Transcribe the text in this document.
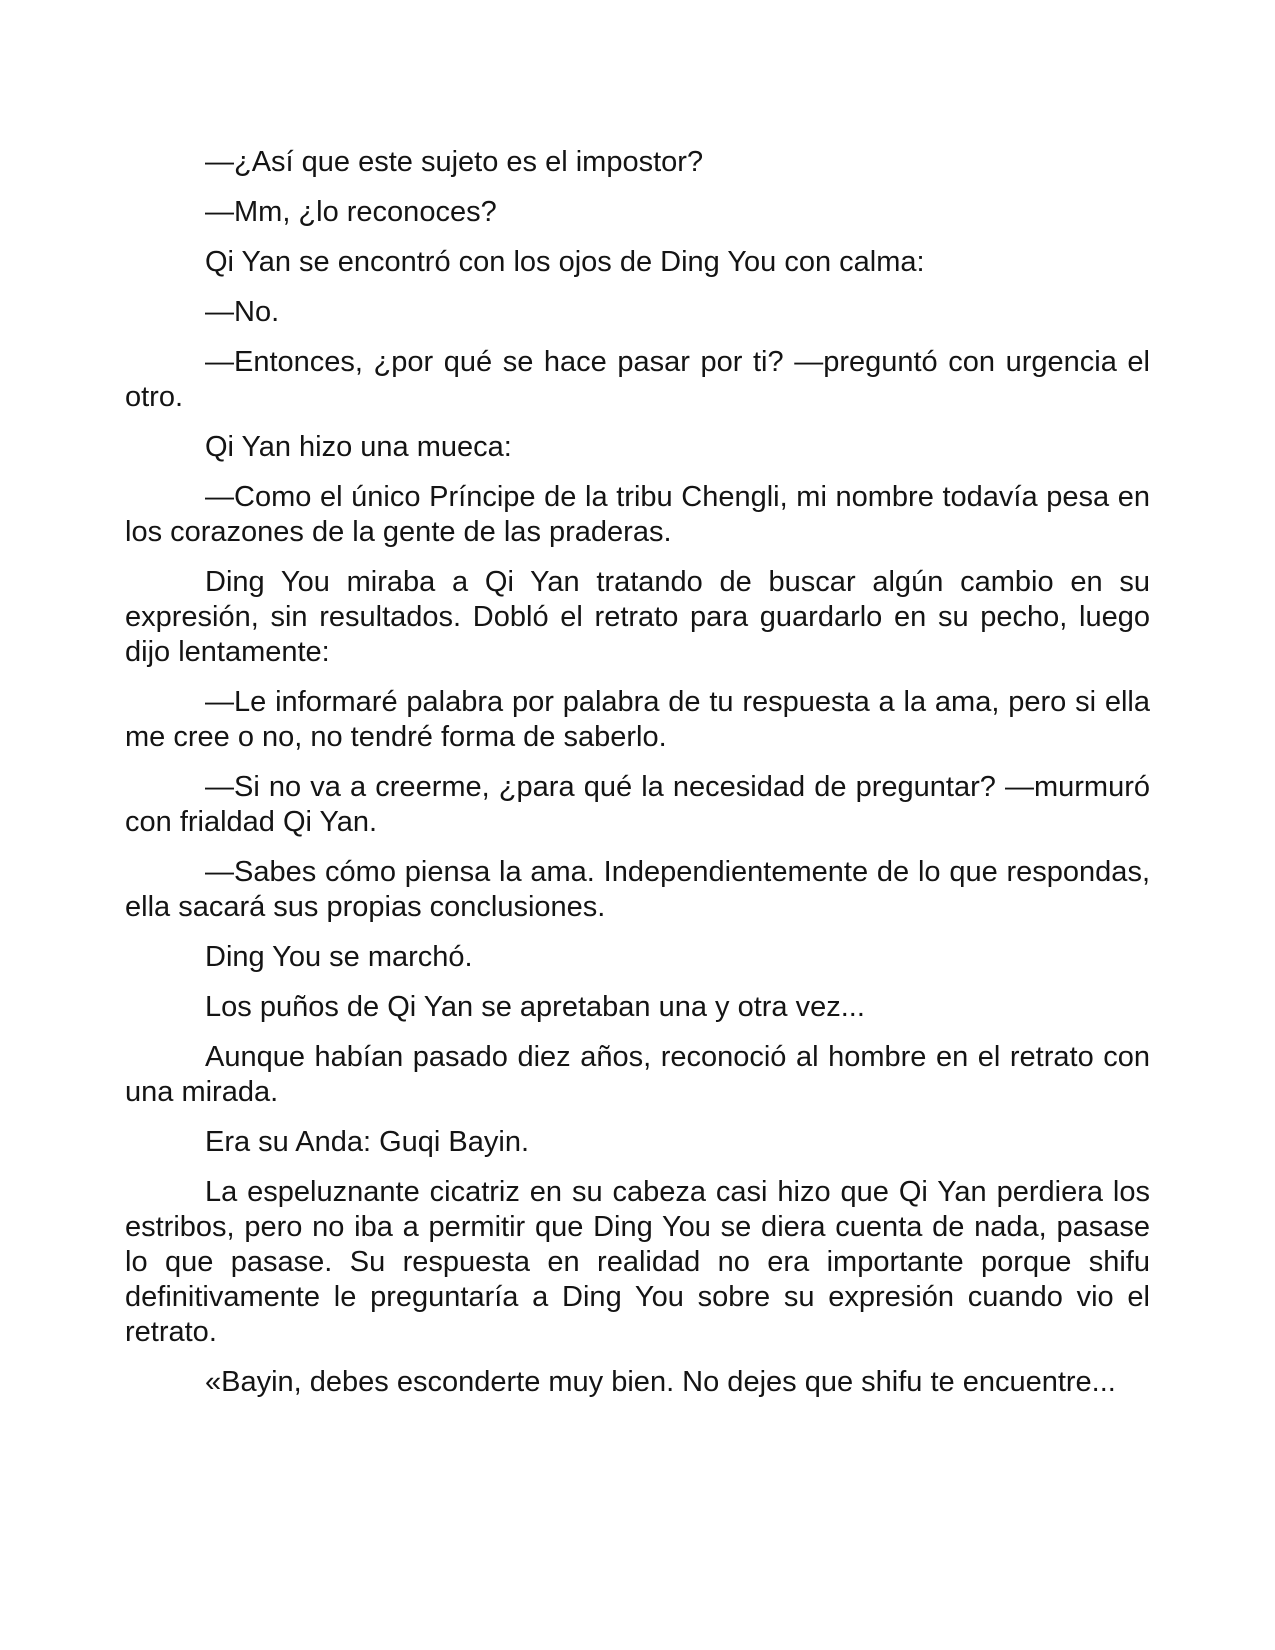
—¿Así que este sujeto es el impostor?

—Mm, ¿lo reconoces?

Qi Yan se encontró con los ojos de Ding You con calma:

—No.

—Entonces, ¿por qué se hace pasar por ti? —preguntó con urgencia el otro.

Qi Yan hizo una mueca:

—Como el único Príncipe de la tribu Chengli, mi nombre todavía pesa en los corazones de la gente de las praderas.

Ding You miraba a Qi Yan tratando de buscar algún cambio en su expresión, sin resultados. Dobló el retrato para guardarlo en su pecho, luego dijo lentamente:

—Le informaré palabra por palabra de tu respuesta a la ama, pero si ella me cree o no, no tendré forma de saberlo.

—Si no va a creerme, ¿para qué la necesidad de preguntar? —murmuró con frialdad Qi Yan.

—Sabes cómo piensa la ama. Independientemente de lo que respondas, ella sacará sus propias conclusiones.

Ding You se marchó.

Los puños de Qi Yan se apretaban una y otra vez...

Aunque habían pasado diez años, reconoció al hombre en el retrato con una mirada.

Era su Anda: Guqi Bayin.

La espeluznante cicatriz en su cabeza casi hizo que Qi Yan perdiera los estribos, pero no iba a permitir que Ding You se diera cuenta de nada, pasase lo que pasase. Su respuesta en realidad no era importante porque shifu definitivamente le preguntaría a Ding You sobre su expresión cuando vio el retrato.

«Bayin, debes esconderte muy bien. No dejes que shifu te encuentre...
